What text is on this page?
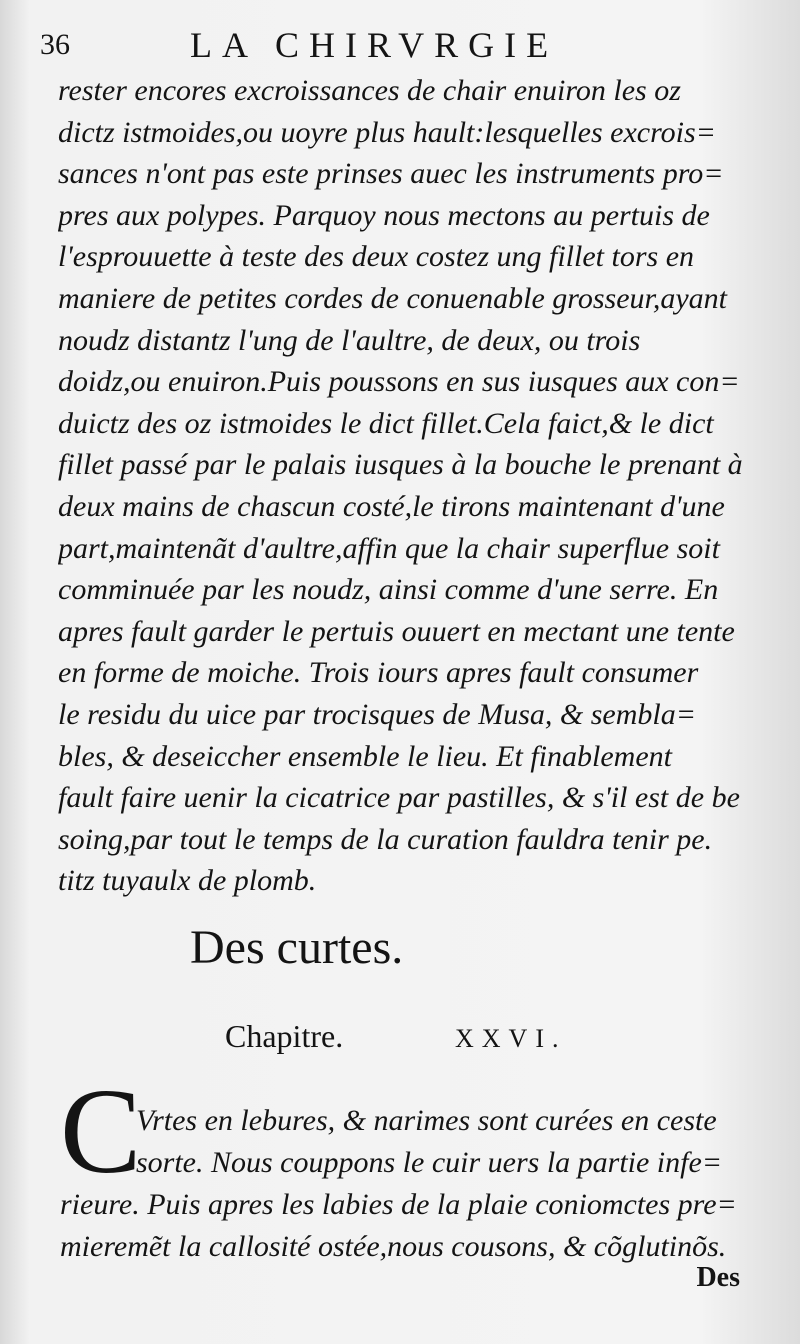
36	LA CHIRVRGIE
rester encores excroissances de chair enuiron les oz
dictz istmoides,ou uoyre plus hault:lesquelles excrois=
sances n'ont pas este prinses auec les instruments pro=
pres aux polypes. Parquoy nous mectons au pertuis de
l'esprouuette à teste des deux costez ung fillet tors en
maniere de petites cordes de conuenable grosseur,ayant
noudz distantz l'ung de l'aultre, de deux, ou trois
doidz,ou enuiron.Puis poussons en sus iusques aux con=
duictz des oz istmoides le dict fillet.Cela faict,& le dict
fillet passé par le palais iusques à la bouche le prenant à
deux mains de chascun costé,le tirons maintenant d'une
part,maintenãt d'aultre,affin que la chair superflue soit
comminuée par les noudz, ainsi comme d'une serre. En
apres fault garder le pertuis ouuert en mectant une tente
en forme de moiche. Trois iours apres fault consumer
le residu du uice par trocisques de Musa, & sembla=
bles, & deseiccher ensemble le lieu. Et finablement
fault faire uenir la cicatrice par pastilles, & s'il est de be
soing,par tout le temps de la curation fauldra tenir pe.
titz tuyaulx de plomb.
Des curtes.
Chapitre.	XXVI.
C
Vrtes en lebures, & narimes sont curées en ceste
sorte. Nous couppons le cuir uers la partie infe=
rieure. Puis apres les labies de la plaie coniomctes pre=
mieremẽt la callosité ostée,nous cousons, & cõglutinõs.
Des
